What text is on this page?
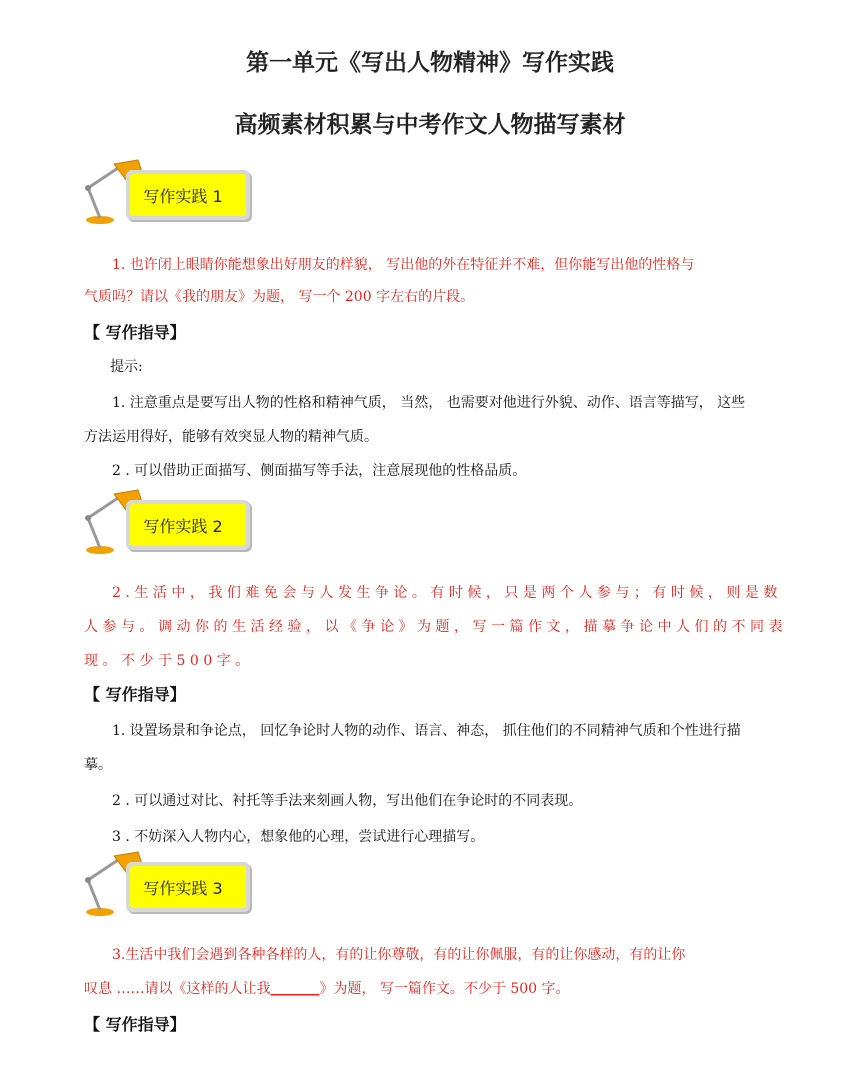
第一单元《写出人物精神》写作实践
高频素材积累与中考作文人物描写素材
写作实践 1
1. 也许闭上眼睛你能想象出好朋友的样貌， 写出他的外在特征并不难，但你能写出他的性格与
气质吗？请以《我的朋友》为题， 写一个 200 字左右的片段。
【 写作指导】
提示:
1. 注意重点是要写出人物的性格和精神气质， 当然， 也需要对他进行外貌、动作、语言等描写， 这些
方法运用得好，能够有效突显人物的精神气质。
2 . 可以借助正面描写、侧面描写等手法，注意展现他的性格品质。
写作实践 2
2.生活中，我们难免会与人发生争论。有时候，只是两个人参与；有时候，则是数
人参与。调动你的生活经验，以《争论》为题，写一篇作文，描摹争论中人们的不同表
现。不少于500字。
【 写作指导】
1. 设置场景和争论点， 回忆争论时人物的动作、语言、神态， 抓住他们的不同精神气质和个性进行描
摹。
2 . 可以通过对比、衬托等手法来刻画人物，写出他们在争论时的不同表现。
3 . 不妨深入人物内心，想象他的心理，尝试进行心理描写。
写作实践 3
3.生活中我们会遇到各种各样的人，有的让你尊敬，有的让你佩服，有的让你感动，有的让你
叹息 ……请以《这样的人让我_______》为题， 写一篇作文。不少于 500 字。
【 写作指导】
